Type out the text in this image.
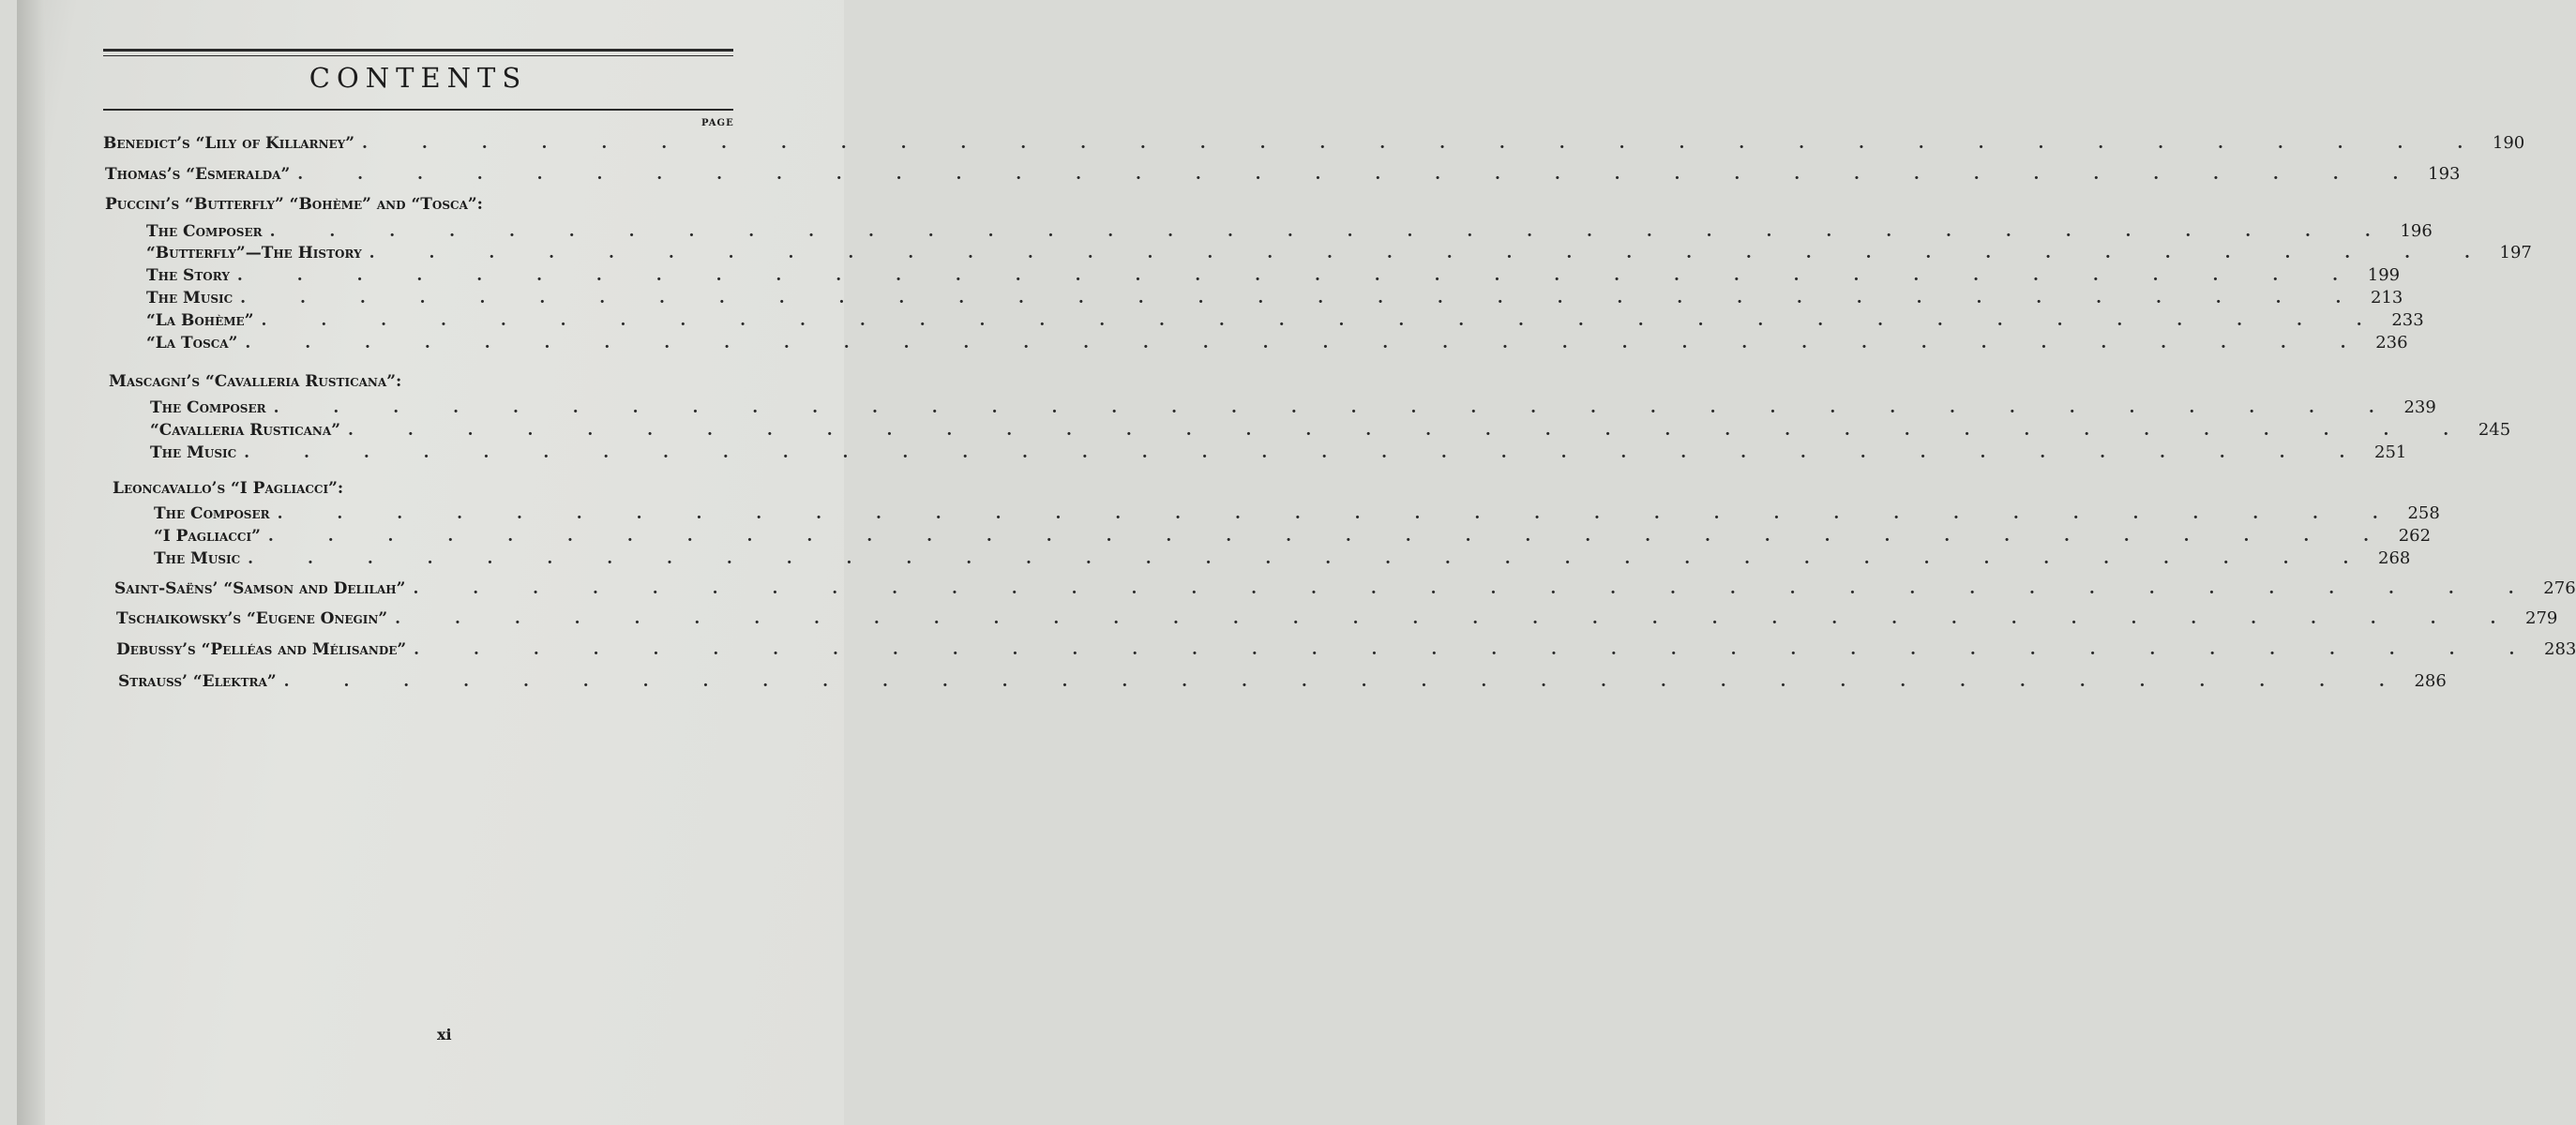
CONTENTS
PAGE
Benedict’s “Lily of Killarney” . . . . . . . . . . . . . . . . . . . . . . . . . . . . . . . . . . . . 190
Thomas’s “Esmeralda” . . . . . . . . . . . . . . . . . . . . . . . . . . . . . . . . . . . . 193
Puccini’s “Butterfly” “Bohème” and “Tosca”:
The Composer . . . . . . . . . . . . . . . . . . . . . . . . . . . . . . . . . . . . 196
“Butterfly”—The History . . . . . . . . . . . . . . . . . . . . . . . . . . . . . . . . . . . . 197
The Story . . . . . . . . . . . . . . . . . . . . . . . . . . . . . . . . . . . . 199
The Music . . . . . . . . . . . . . . . . . . . . . . . . . . . . . . . . . . . . 213
“La Bohème” . . . . . . . . . . . . . . . . . . . . . . . . . . . . . . . . . . . . 233
“La Tosca” . . . . . . . . . . . . . . . . . . . . . . . . . . . . . . . . . . . . 236
Mascagni’s “Cavalleria Rusticana”:
The Composer . . . . . . . . . . . . . . . . . . . . . . . . . . . . . . . . . . . . 239
“Cavalleria Rusticana” . . . . . . . . . . . . . . . . . . . . . . . . . . . . . . . . . . . . 245
The Music . . . . . . . . . . . . . . . . . . . . . . . . . . . . . . . . . . . . 251
Leoncavallo’s “I Pagliacci”:
The Composer . . . . . . . . . . . . . . . . . . . . . . . . . . . . . . . . . . . . 258
“I Pagliacci” . . . . . . . . . . . . . . . . . . . . . . . . . . . . . . . . . . . . 262
The Music . . . . . . . . . . . . . . . . . . . . . . . . . . . . . . . . . . . . 268
Saint-Saëns’ “Samson and Delilah” . . . . . . . . . . . . . . . . . . . . . . . . . . . . . . . . . . . . 276
Tschaikowsky’s “Eugene Onegin” . . . . . . . . . . . . . . . . . . . . . . . . . . . . . . . . . . . . 279
Debussy’s “Pelléas and Mélisande” . . . . . . . . . . . . . . . . . . . . . . . . . . . . . . . . . . . . 283
Strauss’ “Elektra” . . . . . . . . . . . . . . . . . . . . . . . . . . . . . . . . . . . . 286
xi
